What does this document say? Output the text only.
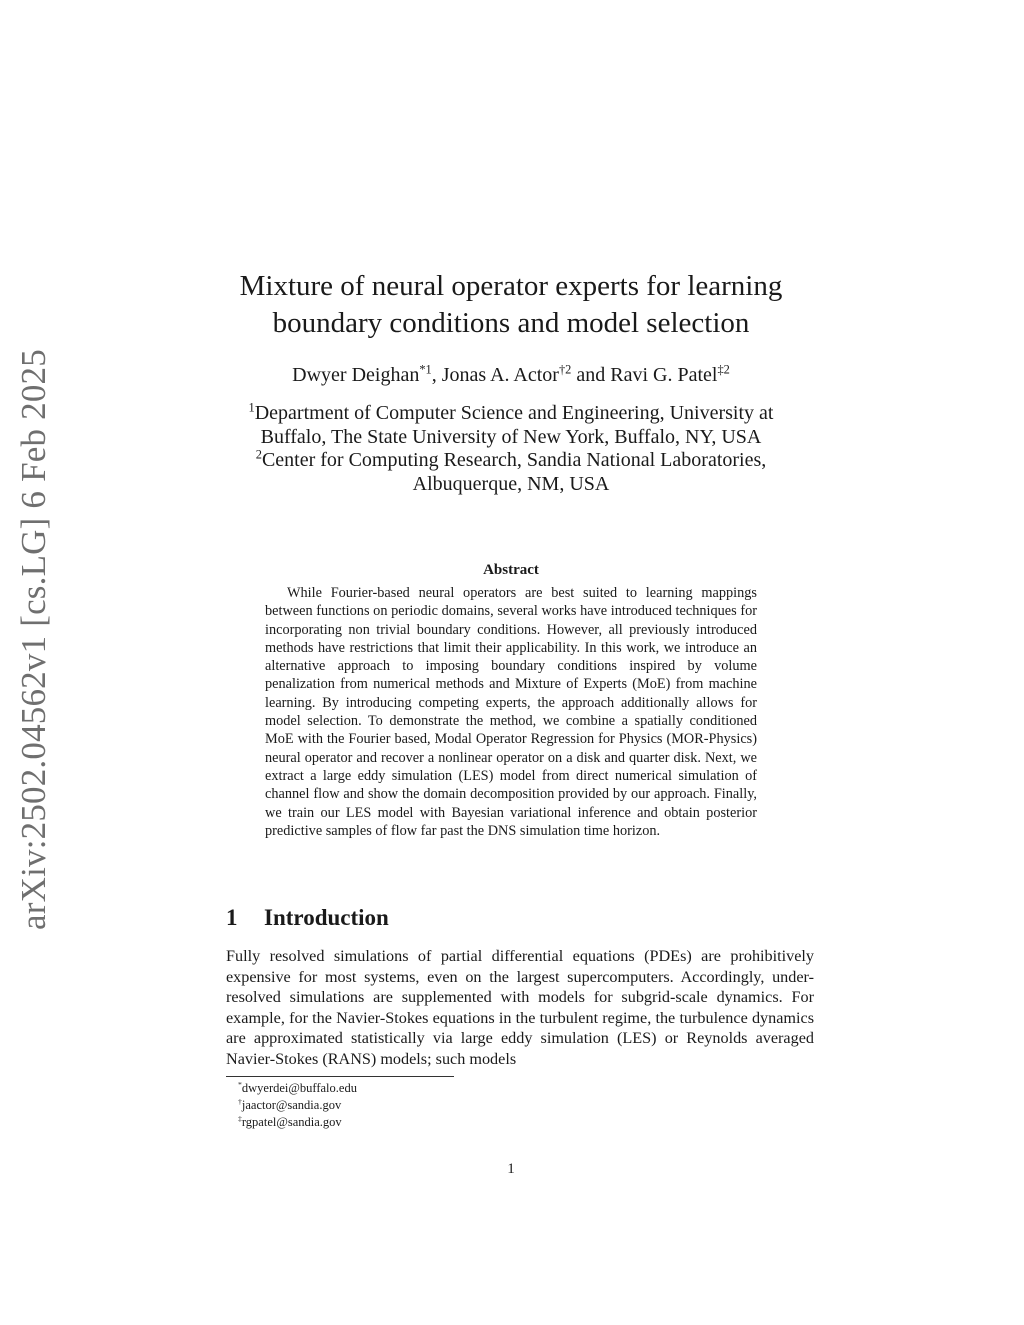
arXiv:2502.04562v1 [cs.LG] 6 Feb 2025
Mixture of neural operator experts for learning
boundary conditions and model selection
Dwyer Deighan$^{*1}$, Jonas A. Actor$^{\dagger 2}$ and Ravi G. Patel$^{\ddagger 2}$
$^1$Department of Computer Science and Engineering, University at
Buffalo, The State University of New York, Buffalo, NY, USA
$^2$Center for Computing Research, Sandia National Laboratories,
Albuquerque, NM, USA
Abstract

While Fourier-based neural operators are best suited to learning mappings between functions on periodic domains, several works have introduced techniques for incorporating non trivial boundary conditions. However, all previously introduced methods have restrictions that limit their applicability. In this work, we introduce an alternative approach to imposing boundary conditions inspired by volume penalization from numerical methods and Mixture of Experts (MoE) from machine learning. By introducing competing experts, the approach additionally allows for model selection. To demonstrate the method, we combine a spatially conditioned MoE with the Fourier based, Modal Operator Regression for Physics (MOR-Physics) neural operator and recover a nonlinear operator on a disk and quarter disk. Next, we extract a large eddy simulation (LES) model from direct numerical simulation of channel flow and show the domain decomposition provided by our approach. Finally, we train our LES model with Bayesian variational inference and obtain posterior predictive samples of flow far past the DNS simulation time horizon.

1 Introduction

Fully resolved simulations of partial differential equations (PDEs) are prohibitively expensive for most systems, even on the largest supercomputers. Accordingly, under-resolved simulations are supplemented with models for subgrid-scale dynamics. For example, for the Navier-Stokes equations in the turbulent regime, the turbulence dynamics are approximated statistically via large eddy simulation (LES) or Reynolds averaged Navier-Stokes (RANS) models; such models

*dwyerdei@buffalo.edu
†jaactor@sandia.gov
‡rgpatel@sandia.gov
1
